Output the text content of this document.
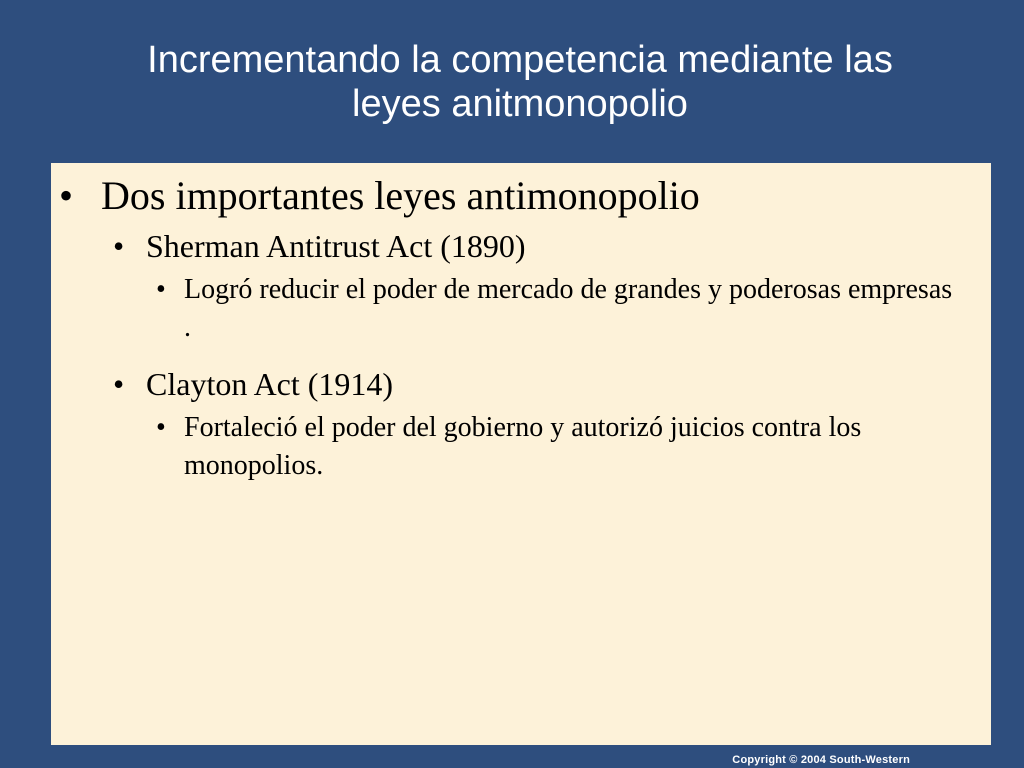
Incrementando la competencia mediante las
leyes anitmonopolio
• Dos importantes leyes antimonopolio
• Sherman Antitrust Act (1890)
• Logró reducir el poder de mercado de grandes y poderosas empresas .
• Clayton Act (1914)
• Fortaleció el poder del gobierno y autorizó juicios contra los monopolios.
Copyright © 2004 South-Western
